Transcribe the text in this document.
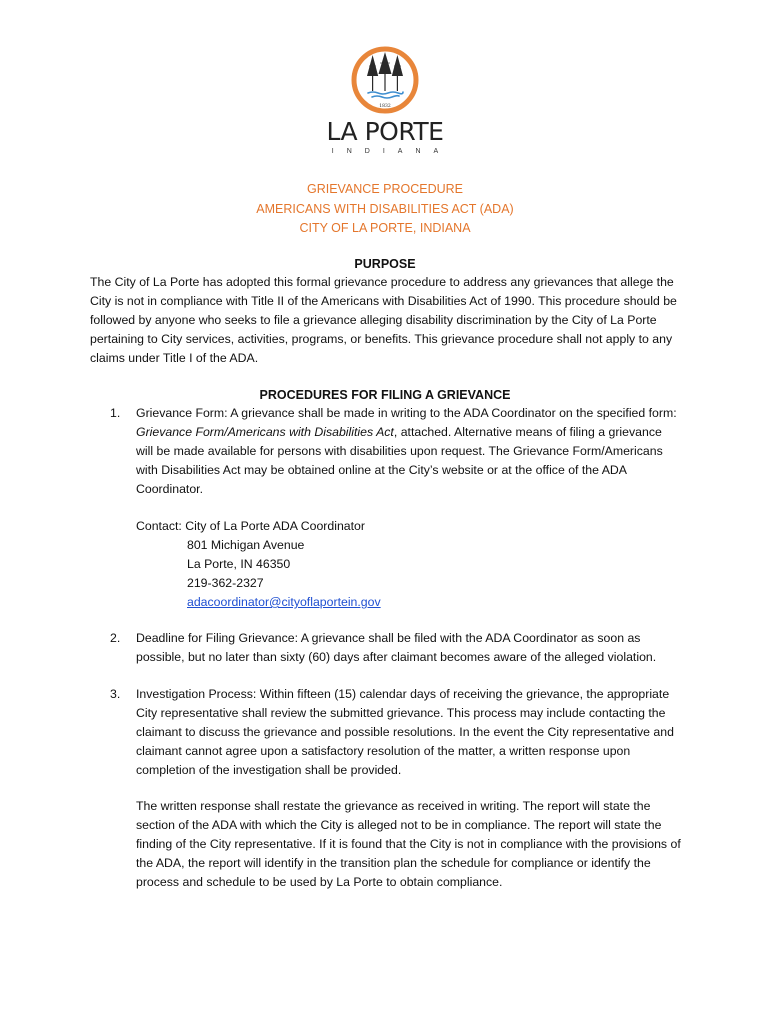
1832
LA PORTE
INDIANA
GRIEVANCE PROCEDURE
AMERICANS WITH DISABILITIES ACT (ADA)
CITY OF LA PORTE, INDIANA
PURPOSE
The City of La Porte has adopted this formal grievance procedure to address any grievances that allege the City is not in compliance with Title II of the Americans with Disabilities Act of 1990. This procedure should be followed by anyone who seeks to file a grievance alleging disability discrimination by the City of La Porte pertaining to City services, activities, programs, or benefits. This grievance procedure shall not apply to any claims under Title I of the ADA.
PROCEDURES FOR FILING A GRIEVANCE
1.	Grievance Form: A grievance shall be made in writing to the ADA Coordinator on the specified form: Grievance Form/Americans with Disabilities Act, attached. Alternative means of filing a grievance will be made available for persons with disabilities upon request. The Grievance Form/Americans with Disabilities Act may be obtained online at the City’s website or at the office of the ADA Coordinator.
Contact: City of La Porte ADA Coordinator
801 Michigan Avenue
La Porte, IN 46350
219-362-2327
adacoordinator@cityoflaportein.gov
2.	Deadline for Filing Grievance: A grievance shall be filed with the ADA Coordinator as soon as possible, but no later than sixty (60) days after claimant becomes aware of the alleged violation.
3.	Investigation Process: Within fifteen (15) calendar days of receiving the grievance, the appropriate City representative shall review the submitted grievance. This process may include contacting the claimant to discuss the grievance and possible resolutions. In the event the City representative and claimant cannot agree upon a satisfactory resolution of the matter, a written response upon completion of the investigation shall be provided.
The written response shall restate the grievance as received in writing. The report will state the section of the ADA with which the City is alleged not to be in compliance. The report will state the finding of the City representative. If it is found that the City is not in compliance with the provisions of the ADA, the report will identify in the transition plan the schedule for compliance or identify the process and schedule to be used by La Porte to obtain compliance.
